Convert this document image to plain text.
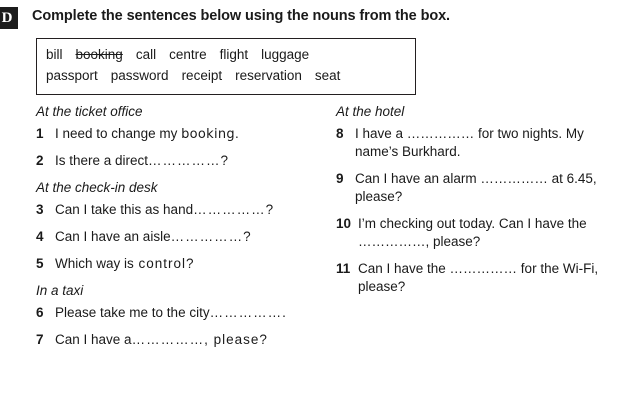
D	Complete the sentences below using the nouns from the box.
bill booking call centre flight luggage
passport password receipt reservation seat
At the ticket office
1 I need to change my booking.
2 Is there a direct……………?
At the check-in desk
3 Can I take this as hand……………?
4 Can I have an aisle……………?
5 Which way is control?
In a taxi
6 Please take me to the city…………….
7 Can I have a……………, please?
At the hotel
8 I have a …………… for two nights. My name’s Burkhard.
9 Can I have an alarm …………… at 6.45, please?
10 I’m checking out today. Can I have the ……………, please?
11 Can I have the …………… for the Wi-Fi, please?
